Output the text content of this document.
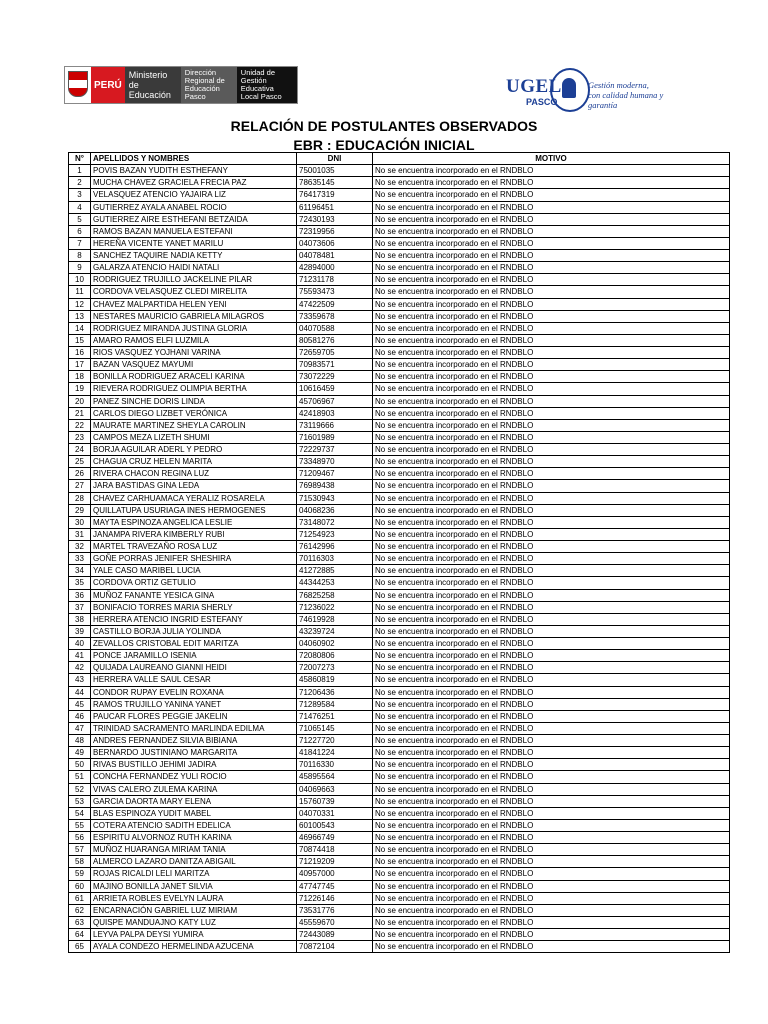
PERÚ
Ministerio de Educación
Dirección Regional de Educación Pasco
Unidad de Gestión Educativa Local Pasco	UGEL
PASCO
Gestión moderna,
con calidad humana y garantía
RELACIÓN DE POSTULANTES OBSERVADOS
EBR : EDUCACIÓN INICIAL
N°	APELLIDOS Y NOMBRES	DNI	MOTIVO
1	POVIS BAZAN YUDITH ESTHEFANY	75001035	No se encuentra incorporado en el RNDBLO
2	MUCHA CHAVEZ GRACIELA FRECIA PAZ	78635145	No se encuentra incorporado en el RNDBLO
3	VELASQUEZ ATENCIO YAJAIRA LIZ	76417319	No se encuentra incorporado en el RNDBLO
4	GUTIERREZ AYALA ANABEL ROCIO	61196451	No se encuentra incorporado en el RNDBLO
5	GUTIERREZ AIRE ESTHEFANI BETZAIDA	72430193	No se encuentra incorporado en el RNDBLO
6	RAMOS BAZAN MANUELA ESTEFANI	72319956	No se encuentra incorporado en el RNDBLO
7	HEREÑA VICENTE YANET MARILU	04073606	No se encuentra incorporado en el RNDBLO
8	SANCHEZ TAQUIRE NADIA KETTY	04078481	No se encuentra incorporado en el RNDBLO
9	GALARZA ATENCIO HAIDI NATALI	42894000	No se encuentra incorporado en el RNDBLO
10	RODRIGUEZ TRUJILLO JACKELINE PILAR	71231178	No se encuentra incorporado en el RNDBLO
11	CORDOVA VELASQUEZ CLEDI MIRELITA	75593473	No se encuentra incorporado en el RNDBLO
12	CHAVEZ MALPARTIDA HELEN YENI	47422509	No se encuentra incorporado en el RNDBLO
13	NESTARES MAURICIO GABRIELA MILAGROS	73359678	No se encuentra incorporado en el RNDBLO
14	RODRIGUEZ MIRANDA JUSTINA GLORIA	04070588	No se encuentra incorporado en el RNDBLO
15	AMARO RAMOS ELFI LUZMILA	80581276	No se encuentra incorporado en el RNDBLO
16	RIOS VASQUEZ YOJHANI VARINA	72659705	No se encuentra incorporado en el RNDBLO
17	BAZAN VASQUEZ MAYUMI	70983571	No se encuentra incorporado en el RNDBLO
18	BONILLA RODRIGUEZ ARACELI KARINA	73072229	No se encuentra incorporado en el RNDBLO
19	RIEVERA RODRIGUEZ OLIMPIA BERTHA	10616459	No se encuentra incorporado en el RNDBLO
20	PANEZ SINCHE DORIS LINDA	45706967	No se encuentra incorporado en el RNDBLO
21	CARLOS DIEGO LIZBET VERÓNICA	42418903	No se encuentra incorporado en el RNDBLO
22	MAURATE MARTINEZ SHEYLA CAROLIN	73119666	No se encuentra incorporado en el RNDBLO
23	CAMPOS MEZA LIZETH SHUMI	71601989	No se encuentra incorporado en el RNDBLO
24	BORJA AGUILAR ADERL Y PEDRO	72229737	No se encuentra incorporado en el RNDBLO
25	CHAGUA CRUZ HELEN MARITA	73348970	No se encuentra incorporado en el RNDBLO
26	RIVERA CHACON REGINA LUZ	71209467	No se encuentra incorporado en el RNDBLO
27	JARA BASTIDAS GINA LEDA	76989438	No se encuentra incorporado en el RNDBLO
28	CHAVEZ CARHUAMACA YERALIZ ROSARELA	71530943	No se encuentra incorporado en el RNDBLO
29	QUILLATUPA USURIAGA INES HERMOGENES	04068236	No se encuentra incorporado en el RNDBLO
30	MAYTA ESPINOZA ANGELICA LESLIE	73148072	No se encuentra incorporado en el RNDBLO
31	JANAMPA RIVERA KIMBERLY RUBI	71254923	No se encuentra incorporado en el RNDBLO
32	MARTEL TRAVEZAÑO ROSA LUZ	76142996	No se encuentra incorporado en el RNDBLO
33	GOÑE PORRAS JENIFER SHESHIRA	70116303	No se encuentra incorporado en el RNDBLO
34	YALE CASO MARIBEL LUCIA	41272885	No se encuentra incorporado en el RNDBLO
35	CORDOVA ORTIZ GETULIO	44344253	No se encuentra incorporado en el RNDBLO
36	MUÑOZ FANANTE YESICA GINA	76825258	No se encuentra incorporado en el RNDBLO
37	BONIFACIO TORRES MARIA SHERLY	71236022	No se encuentra incorporado en el RNDBLO
38	HERRERA ATENCIO INGRID ESTEFANY	74619928	No se encuentra incorporado en el RNDBLO
39	CASTILLO BORJA JULIA YOLINDA	43239724	No se encuentra incorporado en el RNDBLO
40	ZEVALLOS CRISTOBAL EDIT MARITZA	04060902	No se encuentra incorporado en el RNDBLO
41	PONCE JARAMILLO ISENIA	72080806	No se encuentra incorporado en el RNDBLO
42	QUIJADA LAUREANO GIANNI HEIDI	72007273	No se encuentra incorporado en el RNDBLO
43	HERRERA VALLE SAUL CESAR	45860819	No se encuentra incorporado en el RNDBLO
44	CONDOR RUPAY EVELIN ROXANA	71206436	No se encuentra incorporado en el RNDBLO
45	RAMOS TRUJILLO YANINA YANET	71289584	No se encuentra incorporado en el RNDBLO
46	PAUCAR FLORES PEGGIE JAKELIN	71476251	No se encuentra incorporado en el RNDBLO
47	TRINIDAD SACRAMENTO MARLINDA EDILMA	71065145	No se encuentra incorporado en el RNDBLO
48	ANDRES FERNANDEZ SILVIA BIBIANA	71227720	No se encuentra incorporado en el RNDBLO
49	BERNARDO JUSTINIANO MARGARITA	41841224	No se encuentra incorporado en el RNDBLO
50	RIVAS BUSTILLO JEHIMI JADIRA	70116330	No se encuentra incorporado en el RNDBLO
51	CONCHA FERNANDEZ YULI ROCIO	45895564	No se encuentra incorporado en el RNDBLO
52	VIVAS CALERO ZULEMA KARINA	04069663	No se encuentra incorporado en el RNDBLO
53	GARCIA DAORTA MARY ELENA	15760739	No se encuentra incorporado en el RNDBLO
54	BLAS ESPINOZA YUDIT MABEL	04070331	No se encuentra incorporado en el RNDBLO
55	COTERA ATENCIO SADITH EDELICA	60100543	No se encuentra incorporado en el RNDBLO
56	ESPIRITU ALVORNOZ RUTH KARINA	46966749	No se encuentra incorporado en el RNDBLO
57	MUÑOZ HUARANGA MIRIAM TANIA	70874418	No se encuentra incorporado en el RNDBLO
58	ALMERCO LAZARO DANITZA ABIGAIL	71219209	No se encuentra incorporado en el RNDBLO
59	ROJAS RICALDI LELI MARITZA	40957000	No se encuentra incorporado en el RNDBLO
60	MAJINO BONILLA JANET SILVIA	47747745	No se encuentra incorporado en el RNDBLO
61	ARRIETA ROBLES EVELYN LAURA	71226146	No se encuentra incorporado en el RNDBLO
62	ENCARNACIÓN GABRIEL LUZ MIRIAM	73531776	No se encuentra incorporado en el RNDBLO
63	QUISPE MANDUAJNO KATY LUZ	45559670	No se encuentra incorporado en el RNDBLO
64	LEYVA PALPA DEYSI YUMIRA	72443089	No se encuentra incorporado en el RNDBLO
65	AYALA CONDEZO HERMELINDA AZUCENA	70872104	No se encuentra incorporado en el RNDBLO
